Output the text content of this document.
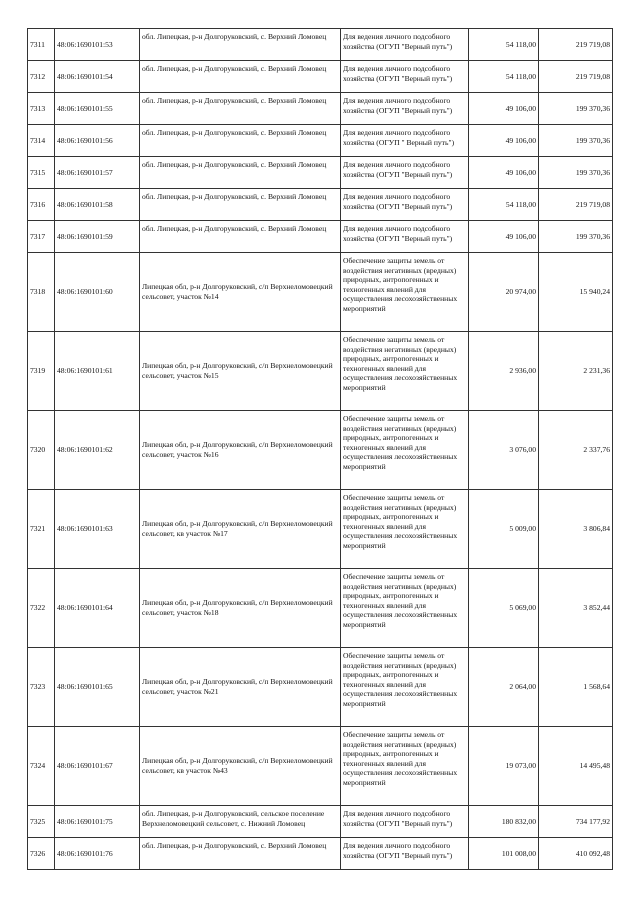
7311	48:06:1690101:53	обл. Липецкая, р-н Долгоруковский, с. Верхний Ломовец	Для ведения личного подсобного хозяйства (ОГУП "Верный путь")	54 118,00	219 719,08
7312	48:06:1690101:54	обл. Липецкая, р-н Долгоруковский, с. Верхний Ломовец	Для ведения личного подсобного хозяйства (ОГУП "Верный путь")	54 118,00	219 719,08
7313	48:06:1690101:55	обл. Липецкая, р-н Долгоруковский, с. Верхний Ломовец	Для ведения личного подсобного хозяйства (ОГУП "Верный путь")	49 106,00	199 370,36
7314	48:06:1690101:56	обл. Липецкая, р-н Долгоруковский, с. Верхний Ломовец	Для ведения личного подсобного хозяйства (ОГУП " Верный путь")	49 106,00	199 370,36
7315	48:06:1690101:57	обл. Липецкая, р-н Долгоруковский, с. Верхний Ломовец	Для ведения личного подсобного хозяйства (ОГУП "Верный путь")	49 106,00	199 370,36
7316	48:06:1690101:58	обл. Липецкая, р-н Долгоруковский, с. Верхний Ломовец	Для ведения личного подсобного хозяйства (ОГУП "Верный путь")	54 118,00	219 719,08
7317	48:06:1690101:59	обл. Липецкая, р-н Долгоруковский, с. Верхний Ломовец	Для ведения личного подсобного хозяйства (ОГУП "Верный путь")	49 106,00	199 370,36
7318	48:06:1690101:60	Липецкая обл, р-н Долгоруковский, с/п Верхнеломовецкий сельсовет, участок №14	Обеспечение защиты земель от воздействия негативных (вредных) природных, антропогенных и техногенных явлений для осуществления лесохозяйственных мероприятий	20 974,00	15 940,24
7319	48:06:1690101:61	Липецкая обл, р-н Долгоруковский, с/п Верхнеломовецкий сельсовет, участок №15	Обеспечение защиты земель от воздействия негативных (вредных) природных, антропогенных и техногенных явлений для осуществления лесохозяйственных мероприятий	2 936,00	2 231,36
7320	48:06:1690101:62	Липецкая обл, р-н Долгоруковский, с/п Верхнеломовецкий сельсовет, участок №16	Обеспечение защиты земель от воздействия негативных (вредных) природных, антропогенных и техногенных явлений для осуществления лесохозяйственных мероприятий	3 076,00	2 337,76
7321	48:06:1690101:63	Липецкая обл, р-н Долгоруковский, с/п Верхнеломовецкий сельсовет, кв участок №17	Обеспечение защиты земель от воздействия негативных (вредных) природных, антропогенных и техногенных явлений для осуществления лесохозяйственных мероприятий	5 009,00	3 806,84
7322	48:06:1690101:64	Липецкая обл, р-н Долгоруковский, с/п Верхнеломовецкий сельсовет, участок №18	Обеспечение защиты земель от воздействия негативных (вредных) природных, антропогенных и техногенных явлений для осуществления лесохозяйственных мероприятий	5 069,00	3 852,44
7323	48:06:1690101:65	Липецкая обл, р-н Долгоруковский, с/п Верхнеломовецкий сельсовет, участок №21	Обеспечение защиты земель от воздействия негативных (вредных) природных, антропогенных и техногенных явлений для осуществления лесохозяйственных мероприятий	2 064,00	1 568,64
7324	48:06:1690101:67	Липецкая обл, р-н Долгоруковский, с/п Верхнеломовецкий сельсовет, кв участок №43	Обеспечение защиты земель от воздействия негативных (вредных) природных, антропогенных и техногенных явлений для осуществления лесохозяйственных мероприятий	19 073,00	14 495,48
7325	48:06:1690101:75	обл. Липецкая, р-н Долгоруковский, сельское поселение Верхнеломовецкий сельсовет, с. Нижний Ломовец	Для ведения личного подсобного хозяйства (ОГУП "Верный путь")	180 832,00	734 177,92
7326	48:06:1690101:76	обл. Липецкая, р-н Долгоруковский, с. Верхний Ломовец	Для ведения личного подсобного хозяйства (ОГУП "Верный путь")	101 008,00	410 092,48
